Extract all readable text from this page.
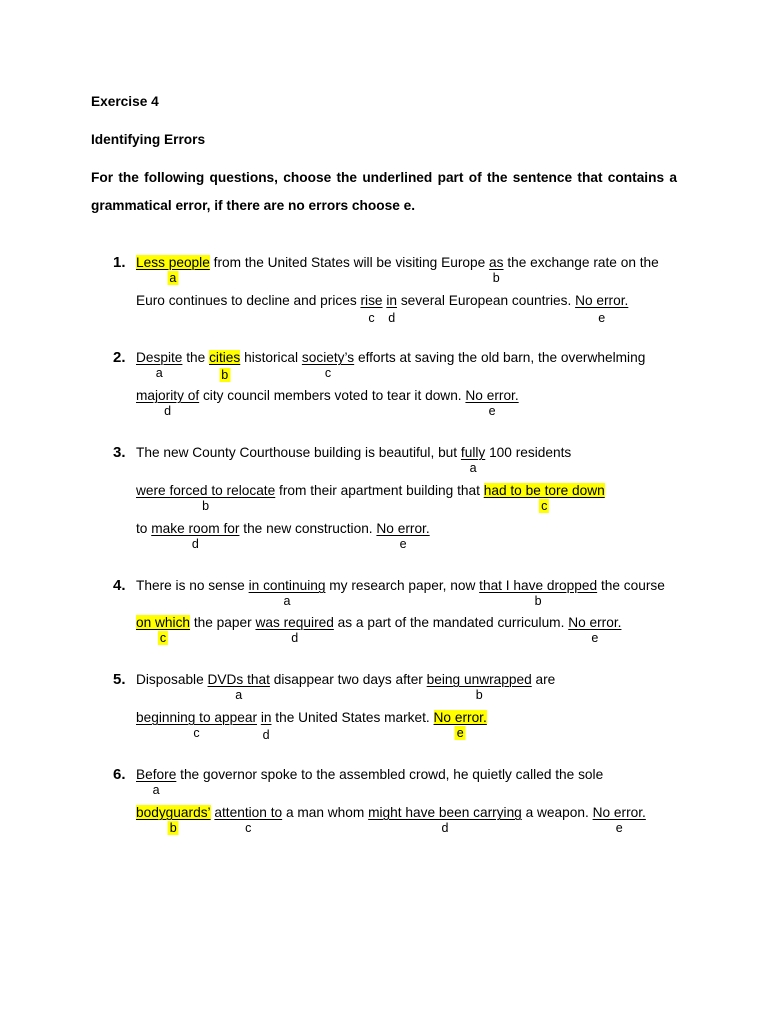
Exercise 4
Identifying Errors
For the following questions, choose the underlined part of the sentence that contains a
grammatical error, if there are no errors choose e.
1. Less people
a
from the United States will be visiting Europe $\frac{as}{b}$ the exchange rate on the
Euro continues to decline and prices rise
c
$\frac{in}{d}$ several European countries. No error.
e
2. Despite
a
the cities
b
historical society’s
c
efforts at saving the old barn, the overwhelming
majority of
d
city council members voted to tear it down. No error.
e
3. The new County Courthouse building is beautiful, but fully
a
100 residents
were forced to relocate
b
from their apartment building that had to be tore down
c
to make room for
d
the new construction. No error.
e
4. There is no sense in continuing
a
my research paper, now that I have dropped
b
the course
on which
c
the paper was required
d
as a part of the mandated curriculum. No error.
e
5. Disposable DVDs that
a
disappear two days after being unwrapped
b
are
beginning to appear
c
$\frac{in}{d}$ the United States market. No error.
e
6. Before
a
the governor spoke to the assembled crowd, he quietly called the sole
bodyguards’
b
attention to
c
a man whom might have been carrying
d
a weapon. No error.
e
